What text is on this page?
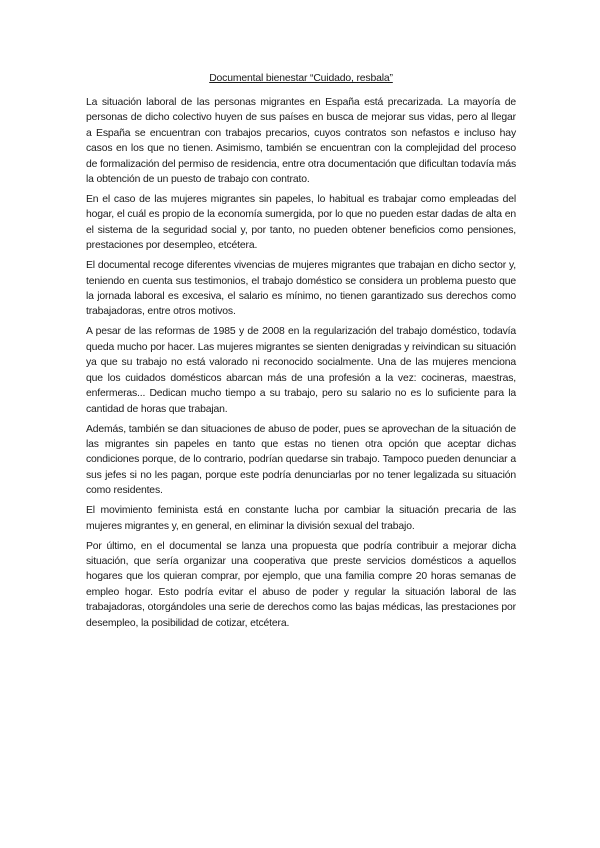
Documental bienestar “Cuidado, resbala”

La situación laboral de las personas migrantes en España está precarizada. La mayoría de personas de dicho colectivo huyen de sus países en busca de mejorar sus vidas, pero al llegar a España se encuentran con trabajos precarios, cuyos contratos son nefastos e incluso hay casos en los que no tienen. Asimismo, también se encuentran con la complejidad del proceso de formalización del permiso de residencia, entre otra documentación que dificultan todavía más la obtención de un puesto de trabajo con contrato.

En el caso de las mujeres migrantes sin papeles, lo habitual es trabajar como empleadas del hogar, el cuál es propio de la economía sumergida, por lo que no pueden estar dadas de alta en el sistema de la seguridad social y, por tanto, no pueden obtener beneficios como pensiones, prestaciones por desempleo, etcétera.

El documental recoge diferentes vivencias de mujeres migrantes que trabajan en dicho sector y, teniendo en cuenta sus testimonios, el trabajo doméstico se considera un problema puesto que la jornada laboral es excesiva, el salario es mínimo, no tienen garantizado sus derechos como trabajadoras, entre otros motivos.

A pesar de las reformas de 1985 y de 2008 en la regularización del trabajo doméstico, todavía queda mucho por hacer. Las mujeres migrantes se sienten denigradas y reivindican su situación ya que su trabajo no está valorado ni reconocido socialmente. Una de las mujeres menciona que los cuidados domésticos abarcan más de una profesión a la vez: cocineras, maestras, enfermeras... Dedican mucho tiempo a su trabajo, pero su salario no es lo suficiente para la cantidad de horas que trabajan.

Además, también se dan situaciones de abuso de poder, pues se aprovechan de la situación de las migrantes sin papeles en tanto que estas no tienen otra opción que aceptar dichas condiciones porque, de lo contrario, podrían quedarse sin trabajo. Tampoco pueden denunciar a sus jefes si no les pagan, porque este podría denunciarlas por no tener legalizada su situación como residentes.

El movimiento feminista está en constante lucha por cambiar la situación precaria de las mujeres migrantes y, en general, en eliminar la división sexual del trabajo.

Por último, en el documental se lanza una propuesta que podría contribuir a mejorar dicha situación, que sería organizar una cooperativa que preste servicios domésticos a aquellos hogares que los quieran comprar, por ejemplo, que una familia compre 20 horas semanas de empleo hogar. Esto podría evitar el abuso de poder y regular la situación laboral de las trabajadoras, otorgándoles una serie de derechos como las bajas médicas, las prestaciones por desempleo, la posibilidad de cotizar, etcétera.
